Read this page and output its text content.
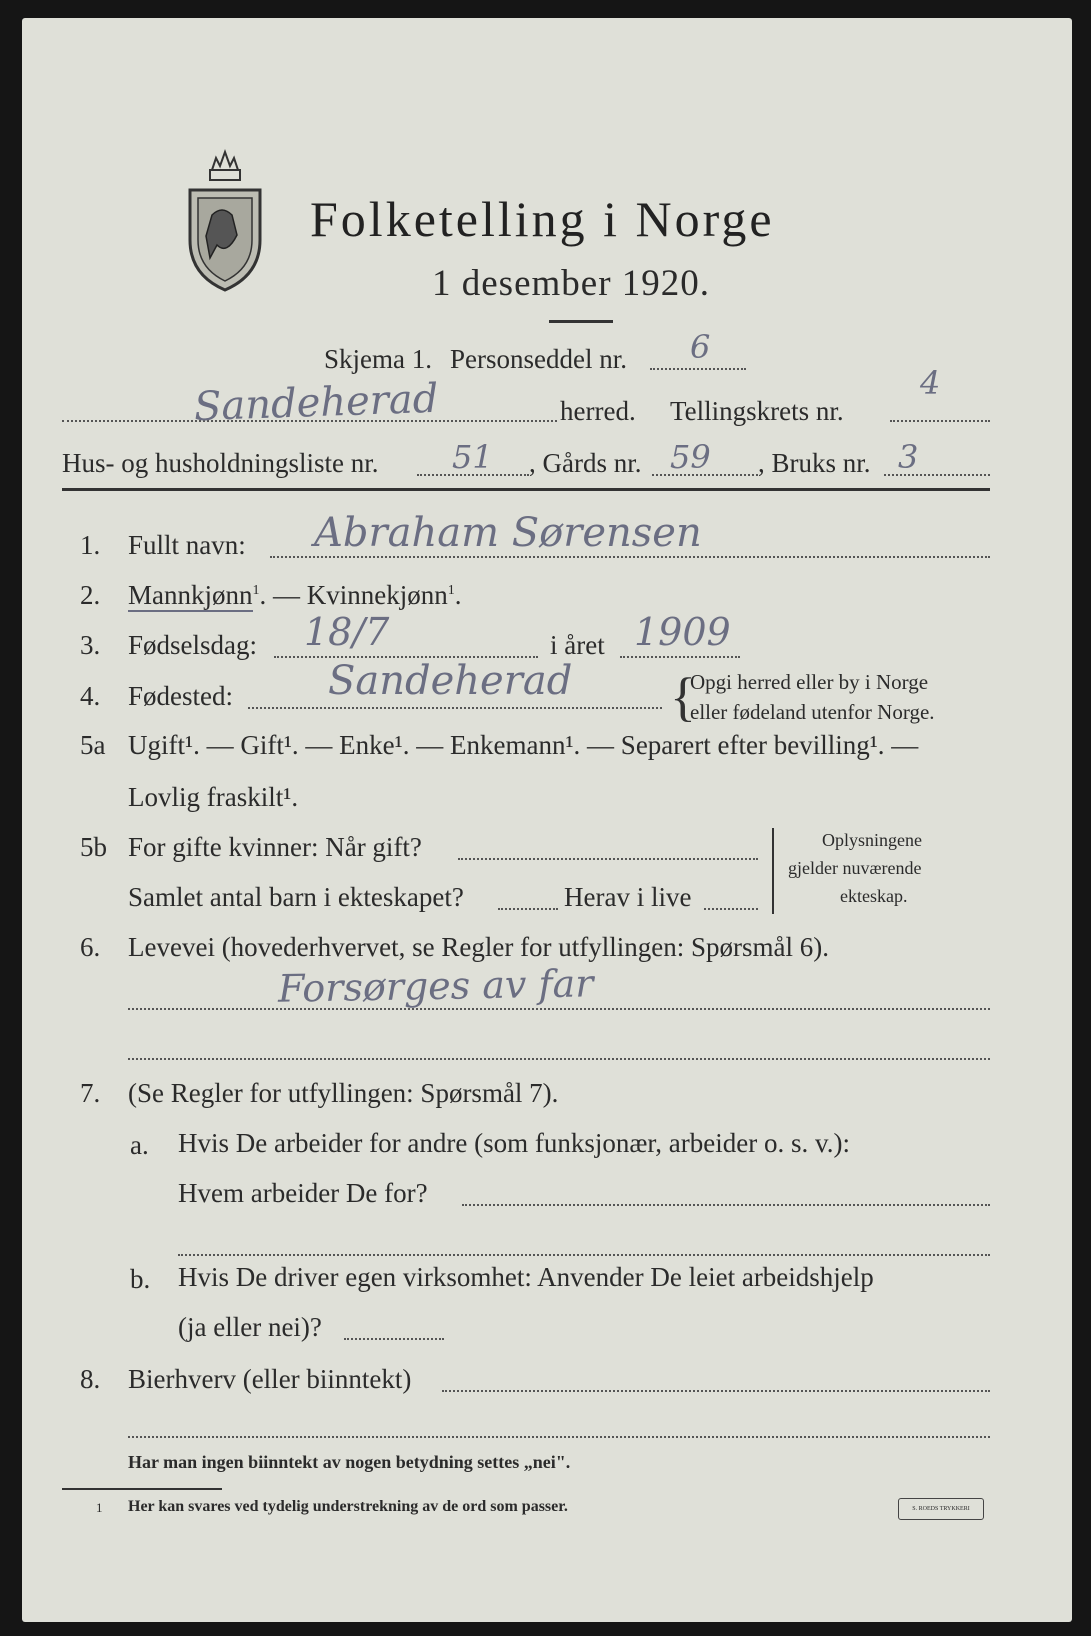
Folketelling i Norge
1 desember 1920.
Skjema 1. Personseddel nr. 6
Sandeherad	herred. Tellingskrets nr.
4
Hus- og husholdningsliste nr. 51 , Gårds nr. 59 , Bruks nr. 3
1. Fullt navn: Abraham Sørensen
2. Mannkjønn$^1$. — Kvinnekjønn$^1$.
3. Fødselsdag: 18/7	i året 1909
4. Fødested: Sandeherad {
Opgi herred eller by i Norge
eller fødeland utenfor Norge.
5a Ugift¹. — Gift¹. — Enke¹. — Enkemann¹. — Separert efter bevilling¹. —
Lovlig fraskilt¹.
5b For gifte kvinner: Når gift?
Samlet antal barn i ekteskapet?	Herav i live
Oplysningene
gjelder nuværende
ekteskap.
6. Levevei (hovederhvervet, se Regler for utfyllingen: Spørsmål 6).
Forsørges av far
7. (Se Regler for utfyllingen: Spørsmål 7).
a. Hvis De arbeider for andre (som funksjonær, arbeider o. s. v.):
Hvem arbeider De for?
b. Hvis De driver egen virksomhet: Anvender De leiet arbeidshjelp
(ja eller nei)?
8. Bierhverv (eller biinntekt)
Har man ingen biinntekt av nogen betydning settes „nei".
1 Her kan svares ved tydelig understrekning av de ord som passer.	S. ROEDS TRYKKERI
